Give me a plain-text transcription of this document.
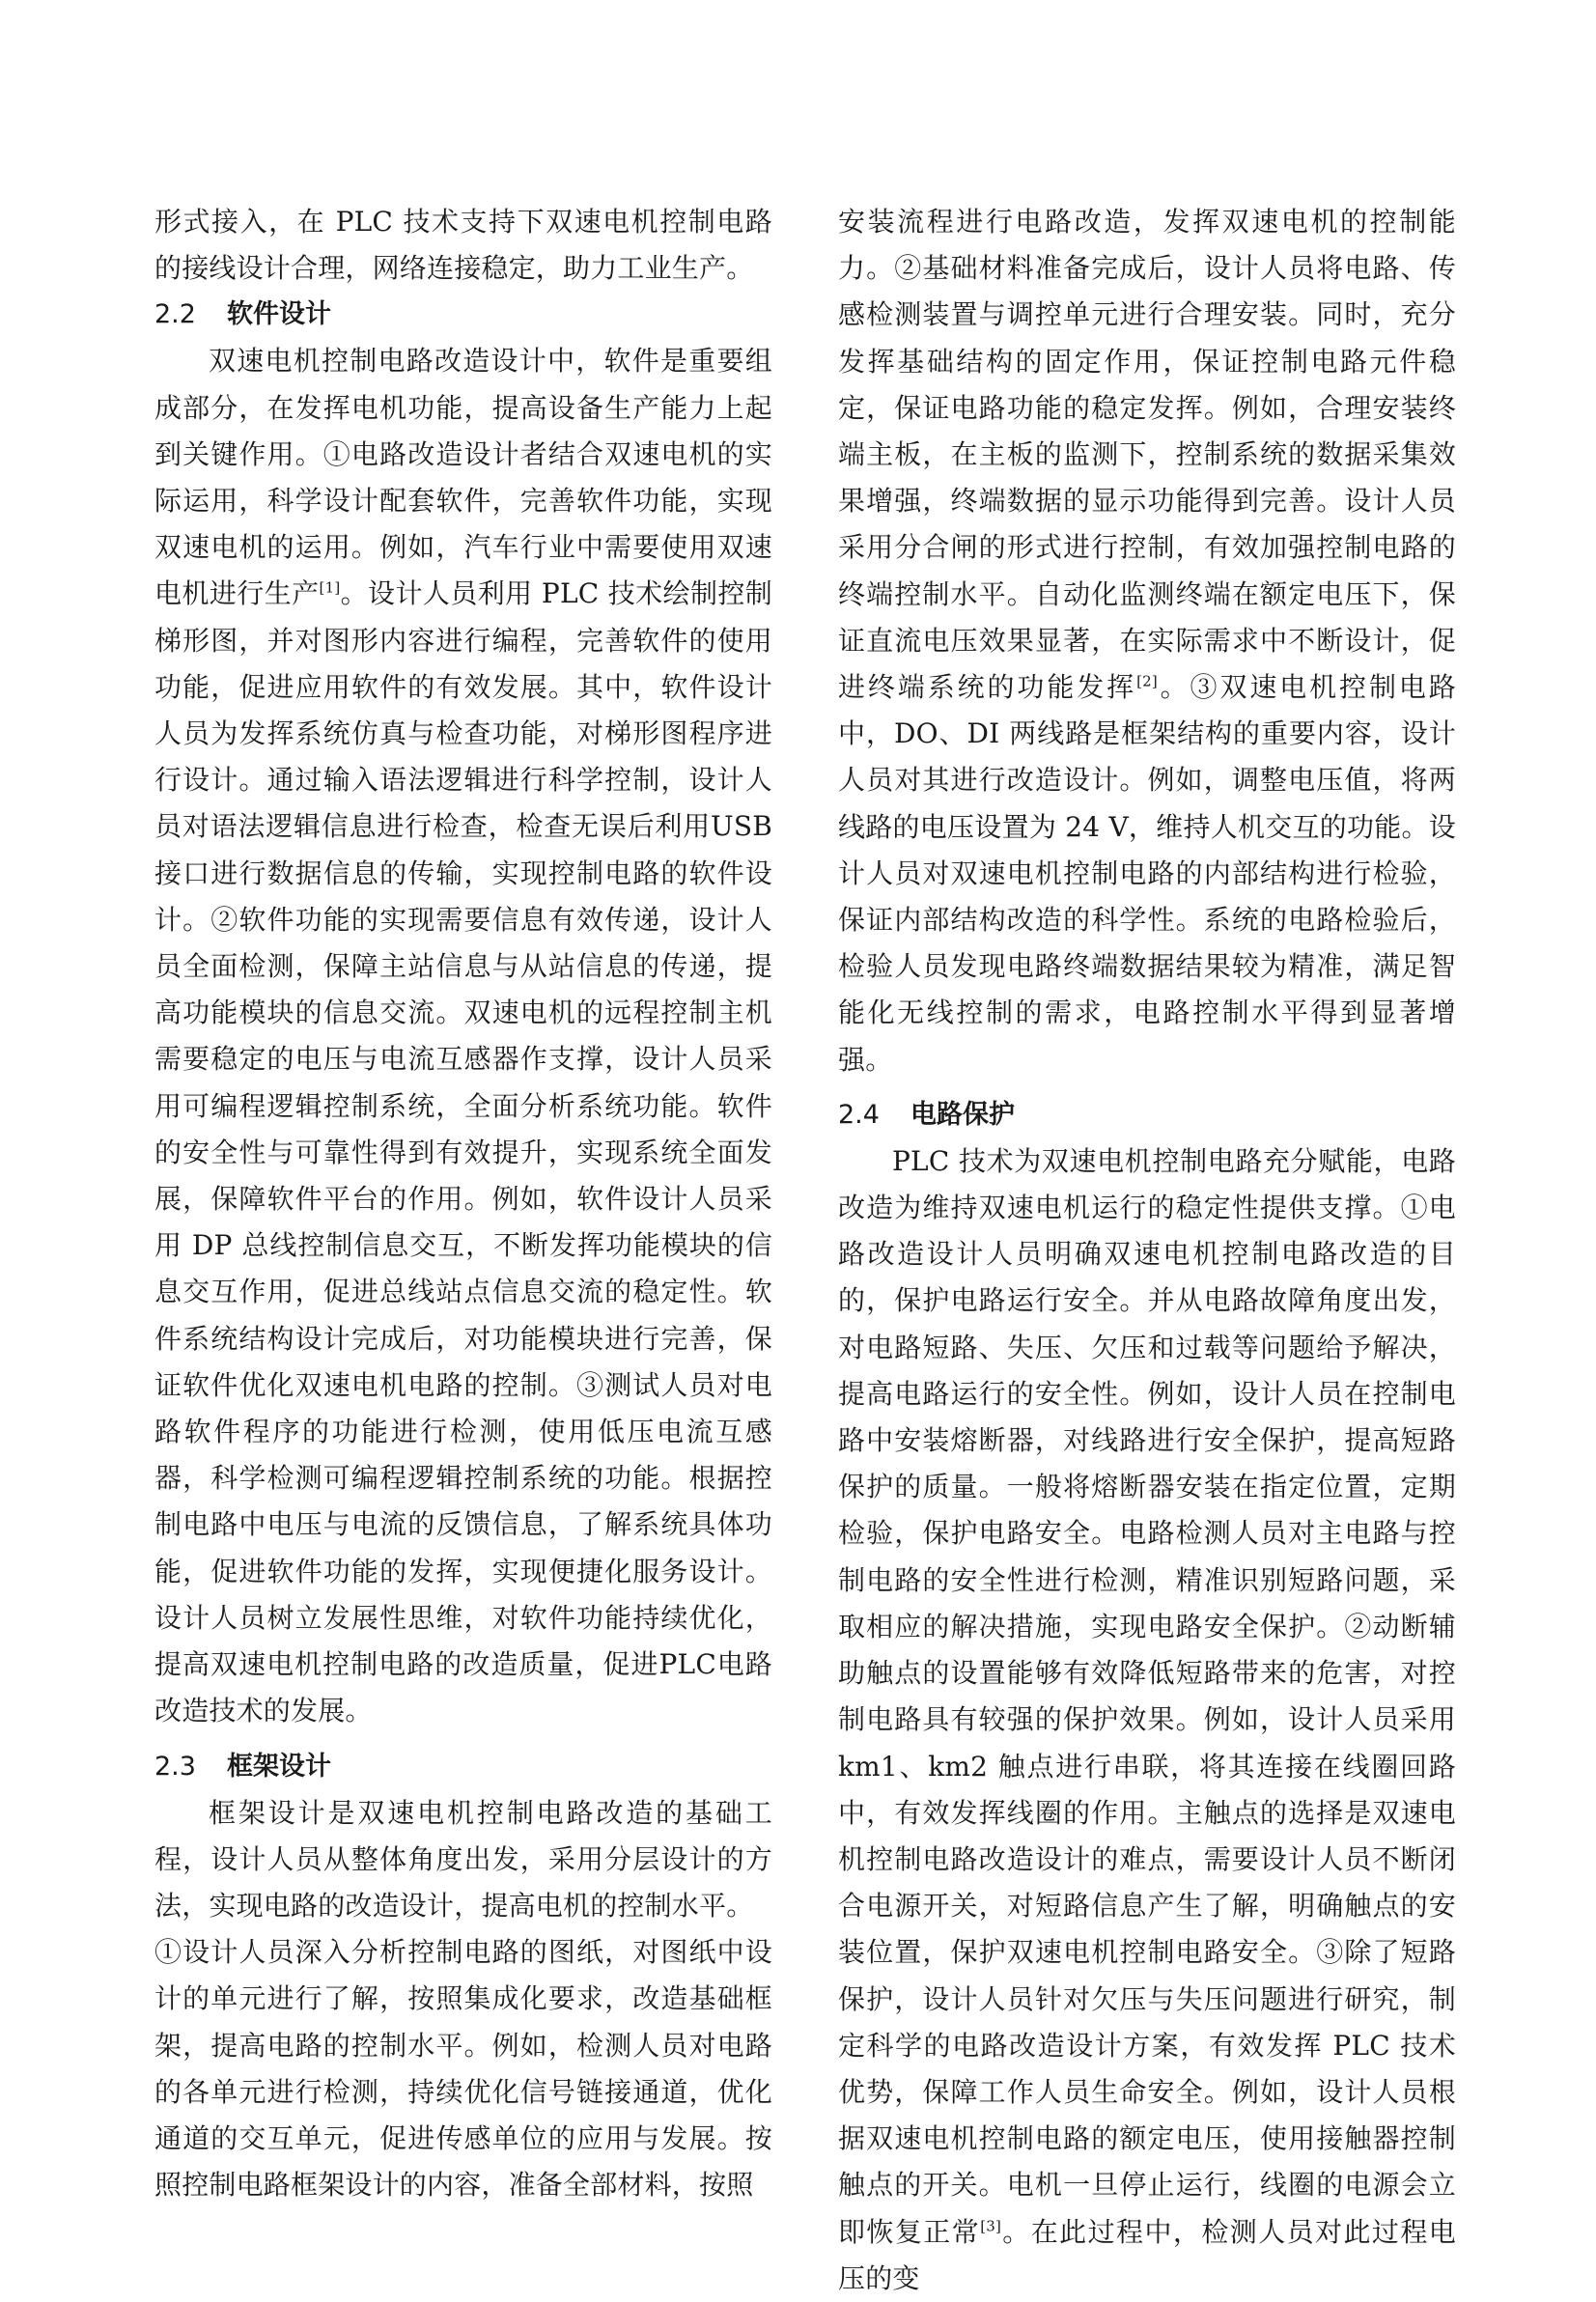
形式接入，在 PLC 技术支持下双速电机控制电路的接线设计合理，网络连接稳定，助力工业生产。

2.2 软件设计

双速电机控制电路改造设计中，软件是重要组成部分，在发挥电机功能，提高设备生产能力上起到关键作用。①电路改造设计者结合双速电机的实际运用，科学设计配套软件，完善软件功能，实现双速电机的运用。例如，汽车行业中需要使用双速电机进行生产[1]。设计人员利用 PLC 技术绘制控制梯形图，并对图形内容进行编程，完善软件的使用功能，促进应用软件的有效发展。其中，软件设计人员为发挥系统仿真与检查功能，对梯形图程序进行设计。通过输入语法逻辑进行科学控制，设计人员对语法逻辑信息进行检查，检查无误后利用USB接口进行数据信息的传输，实现控制电路的软件设计。②软件功能的实现需要信息有效传递，设计人员全面检测，保障主站信息与从站信息的传递，提高功能模块的信息交流。双速电机的远程控制主机需要稳定的电压与电流互感器作支撑，设计人员采用可编程逻辑控制系统，全面分析系统功能。软件的安全性与可靠性得到有效提升，实现系统全面发展，保障软件平台的作用。例如，软件设计人员采用 DP 总线控制信息交互，不断发挥功能模块的信息交互作用，促进总线站点信息交流的稳定性。软件系统结构设计完成后，对功能模块进行完善，保证软件优化双速电机电路的控制。③测试人员对电路软件程序的功能进行检测，使用低压电流互感器，科学检测可编程逻辑控制系统的功能。根据控制电路中电压与电流的反馈信息，了解系统具体功能，促进软件功能的发挥，实现便捷化服务设计。设计人员树立发展性思维，对软件功能持续优化，提高双速电机控制电路的改造质量，促进PLC电路改造技术的发展。

2.3 框架设计

框架设计是双速电机控制电路改造的基础工程，设计人员从整体角度出发，采用分层设计的方法，实现电路的改造设计，提高电机的控制水平。

①设计人员深入分析控制电路的图纸，对图纸中设计的单元进行了解，按照集成化要求，改造基础框架，提高电路的控制水平。例如，检测人员对电路的各单元进行检测，持续优化信号链接通道，优化通道的交互单元，促进传感单位的应用与发展。按照控制电路框架设计的内容，准备全部材料，按照

安装流程进行电路改造，发挥双速电机的控制能力。②基础材料准备完成后，设计人员将电路、传感检测装置与调控单元进行合理安装。同时，充分发挥基础结构的固定作用，保证控制电路元件稳定，保证电路功能的稳定发挥。例如，合理安装终端主板，在主板的监测下，控制系统的数据采集效果增强，终端数据的显示功能得到完善。设计人员采用分合闸的形式进行控制，有效加强控制电路的终端控制水平。自动化监测终端在额定电压下，保证直流电压效果显著，在实际需求中不断设计，促进终端系统的功能发挥[2]。③双速电机控制电路中，DO、DI 两线路是框架结构的重要内容，设计人员对其进行改造设计。例如，调整电压值，将两线路的电压设置为 24 V，维持人机交互的功能。设计人员对双速电机控制电路的内部结构进行检验，保证内部结构改造的科学性。系统的电路检验后，检验人员发现电路终端数据结果较为精准，满足智能化无线控制的需求，电路控制水平得到显著增强。

2.4 电路保护

PLC 技术为双速电机控制电路充分赋能，电路改造为维持双速电机运行的稳定性提供支撑。①电路改造设计人员明确双速电机控制电路改造的目的，保护电路运行安全。并从电路故障角度出发，对电路短路、失压、欠压和过载等问题给予解决，提高电路运行的安全性。例如，设计人员在控制电路中安装熔断器，对线路进行安全保护，提高短路保护的质量。一般将熔断器安装在指定位置，定期检验，保护电路安全。电路检测人员对主电路与控制电路的安全性进行检测，精准识别短路问题，采取相应的解决措施，实现电路安全保护。②动断辅助触点的设置能够有效降低短路带来的危害，对控制电路具有较强的保护效果。例如，设计人员采用 km1、km2 触点进行串联，将其连接在线圈回路中，有效发挥线圈的作用。主触点的选择是双速电机控制电路改造设计的难点，需要设计人员不断闭合电源开关，对短路信息产生了解，明确触点的安装位置，保护双速电机控制电路安全。③除了短路保护，设计人员针对欠压与失压问题进行研究，制定科学的电路改造设计方案，有效发挥 PLC 技术优势，保障工作人员生命安全。例如，设计人员根据双速电机控制电路的额定电压，使用接触器控制触点的开关。电机一旦停止运行，线圈的电源会立即恢复正常[3]。在此过程中，检测人员对此过程电压的变
